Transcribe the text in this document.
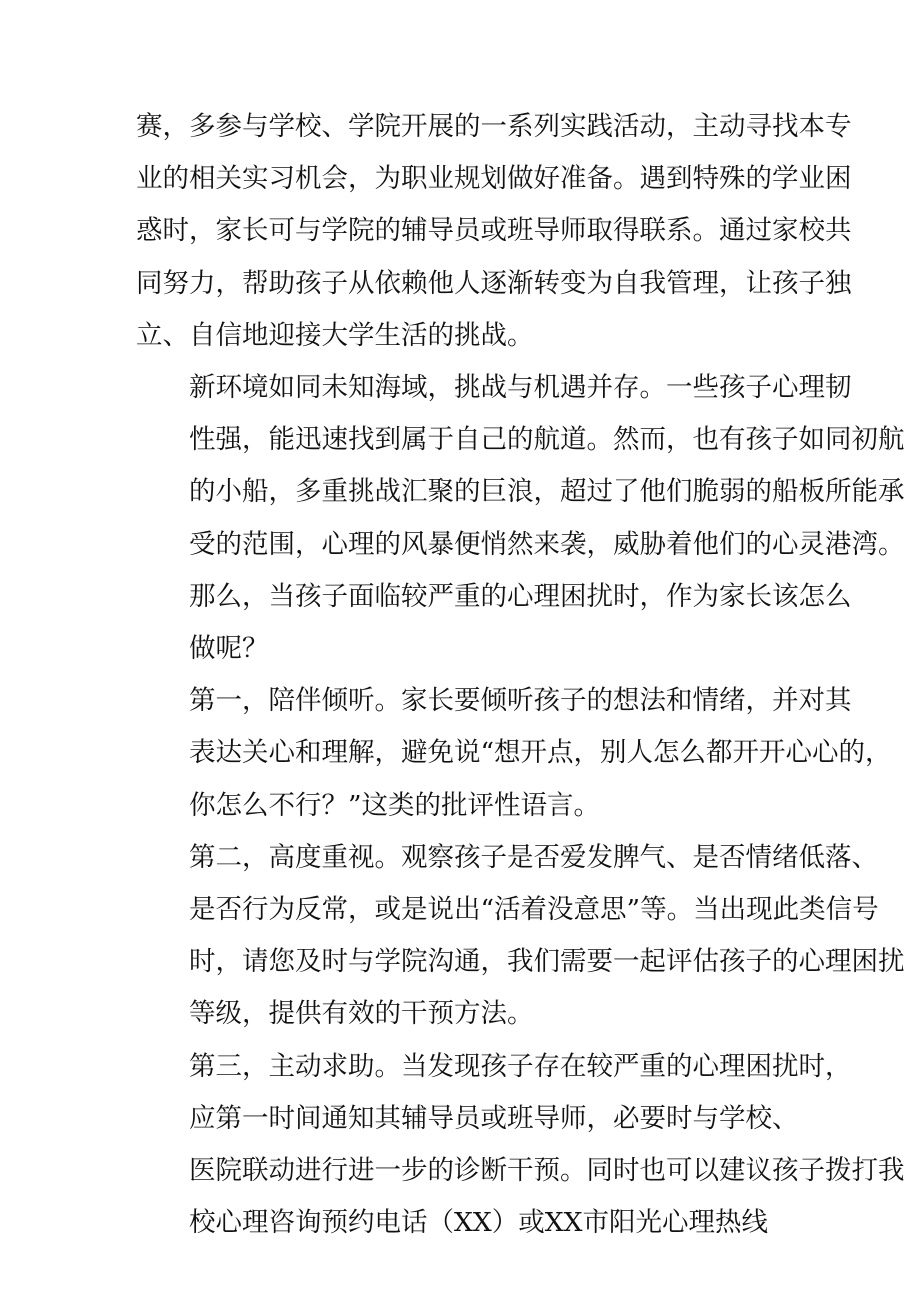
赛，多参与学校、学院开展的一系列实践活动，主动寻找本专
业的相关实习机会，为职业规划做好准备。遇到特殊的学业困
惑时，家长可与学院的辅导员或班导师取得联系。通过家校共
同努力，帮助孩子从依赖他人逐渐转变为自我管理，让孩子独
立、自信地迎接大学生活的挑战。

新环境如同未知海域，挑战与机遇并存。一些孩子心理韧
性强，能迅速找到属于自己的航道。然而，也有孩子如同初航
的小船，多重挑战汇聚的巨浪，超过了他们脆弱的船板所能承
受的范围，心理的风暴便悄然来袭，威胁着他们的心灵港湾。

那么，当孩子面临较严重的心理困扰时，作为家长该怎么
做呢？

第一，陪伴倾听。家长要倾听孩子的想法和情绪，并对其
表达关心和理解，避免说“想开点，别人怎么都开开心心的，
你怎么不行？”这类的批评性语言。

第二，高度重视。观察孩子是否爱发脾气、是否情绪低落、
是否行为反常，或是说出“活着没意思”等。当出现此类信号
时，请您及时与学院沟通，我们需要一起评估孩子的心理困扰
等级，提供有效的干预方法。

第三，主动求助。当发现孩子存在较严重的心理困扰时，
应第一时间通知其辅导员或班导师，必要时与学校、
医院联动进行进一步的诊断干预。同时也可以建议孩子拨打我
校心理咨询预约电话（XX）或XX市阳光心理热线
